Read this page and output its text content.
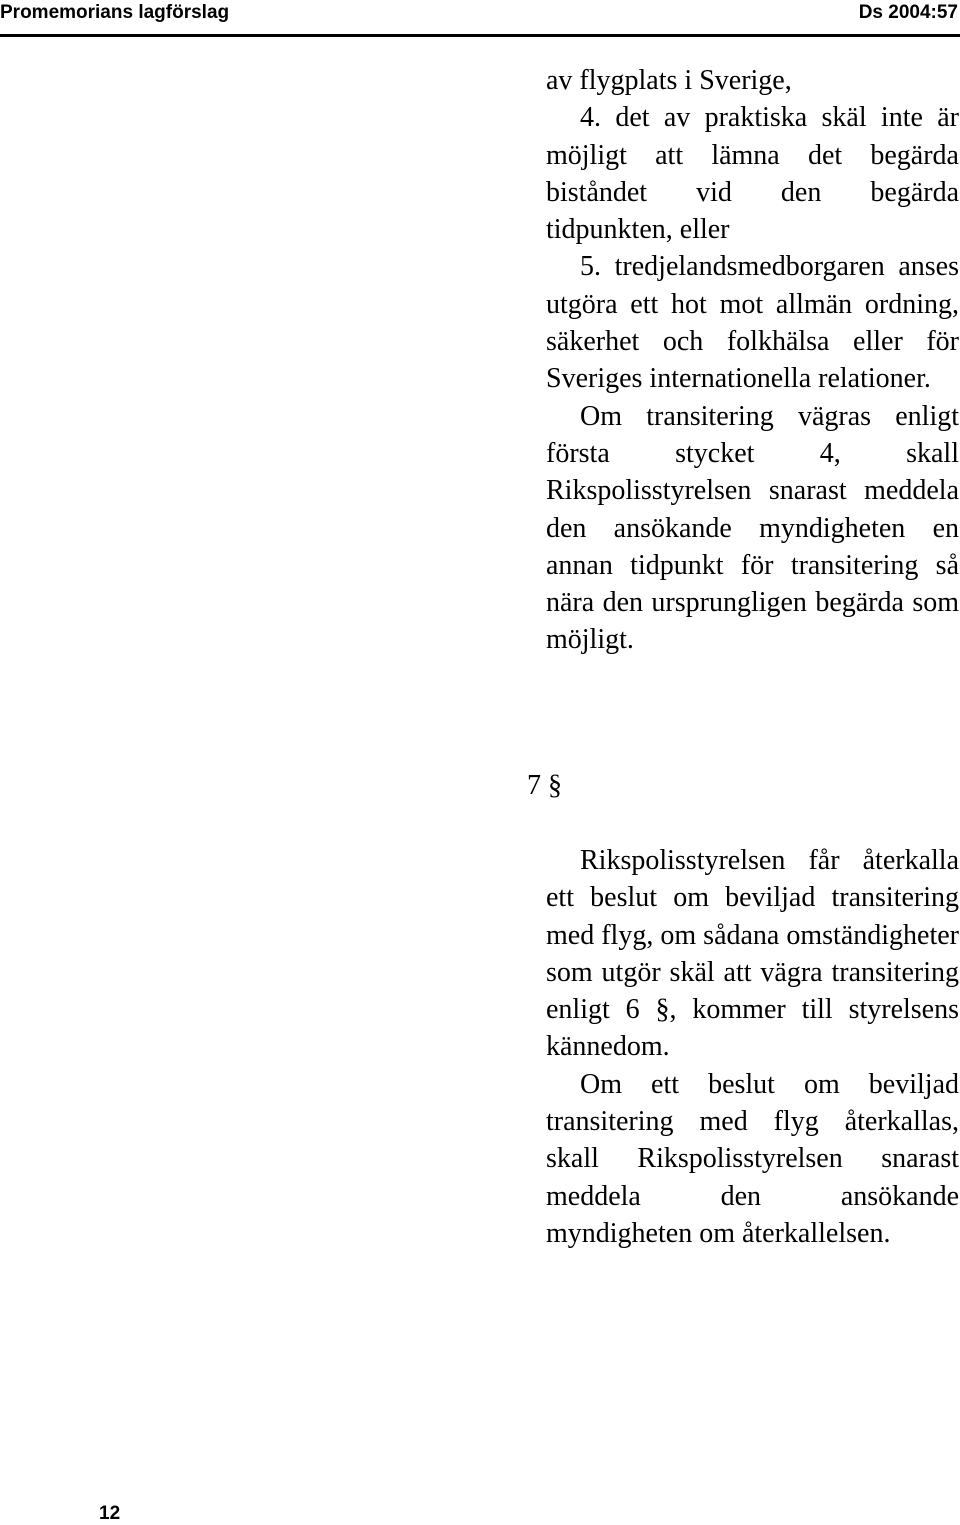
Promemorians lagförslag	Ds 2004:57

av flygplats i Sverige,

4. det av praktiska skäl inte är möjligt att lämna det begärda biståndet vid den begärda tidpunkten, eller

5. tredjelandsmedborgaren anses utgöra ett hot mot allmän ordning, säkerhet och folkhälsa eller för Sveriges internationella relationer.

Om transitering vägras enligt första stycket 4, skall Rikspolisstyrelsen snarast meddela den ansökande myndigheten en annan tidpunkt för transitering så nära den ursprungligen begärda som möjligt.

7 §

Rikspolisstyrelsen får återkalla ett beslut om beviljad transitering med flyg, om sådana omständigheter som utgör skäl att vägra transitering enligt 6 §, kommer till styrelsens kännedom.

Om ett beslut om beviljad transitering med flyg återkallas, skall Rikspolisstyrelsen snarast meddela den ansökande myndigheten om återkallelsen.

12
